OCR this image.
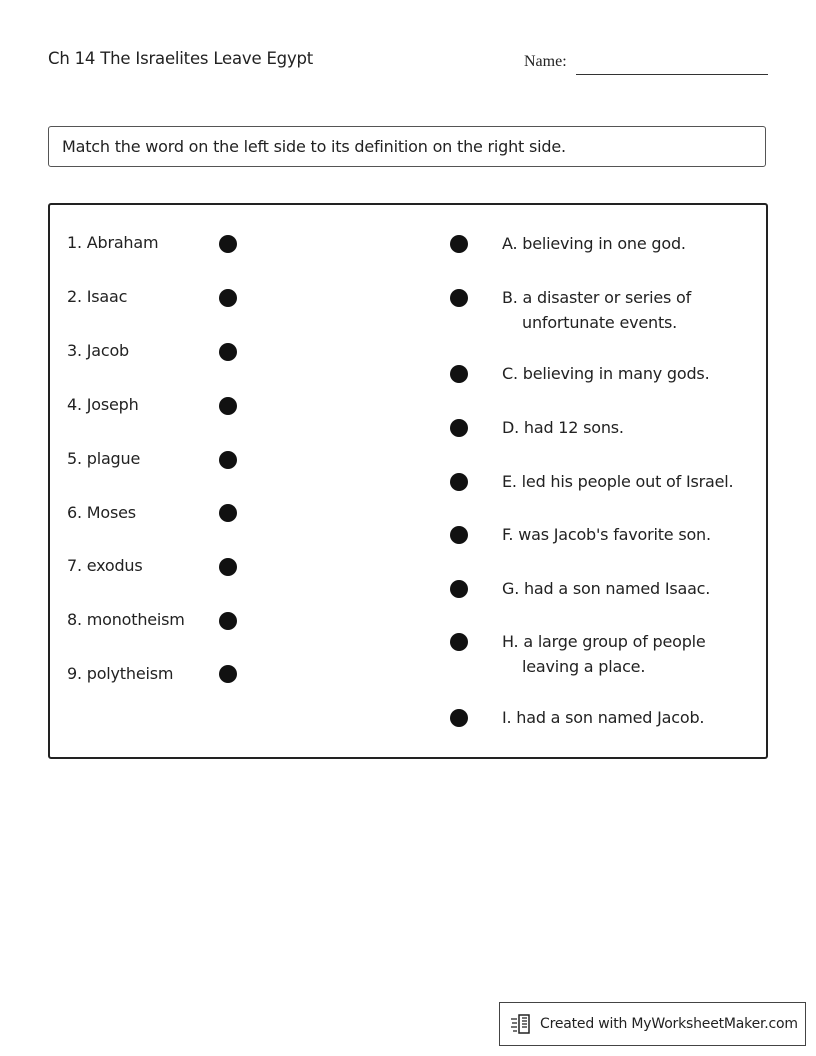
Ch 14 The Israelites Leave Egypt	Name:
Match the word on the left side to its definition on the right side.
1. Abraham
2. Isaac
3. Jacob
4. Joseph
5. plague
6. Moses
7. exodus
8. monotheism
9. polytheism
A. believing in one god.
B. a disaster or series of
unfortunate events.
C. believing in many gods.
D. had 12 sons.
E. led his people out of Israel.
F. was Jacob's favorite son.
G. had a son named Isaac.
H. a large group of people
leaving a place.
I. had a son named Jacob.
Created with MyWorksheetMaker.com
